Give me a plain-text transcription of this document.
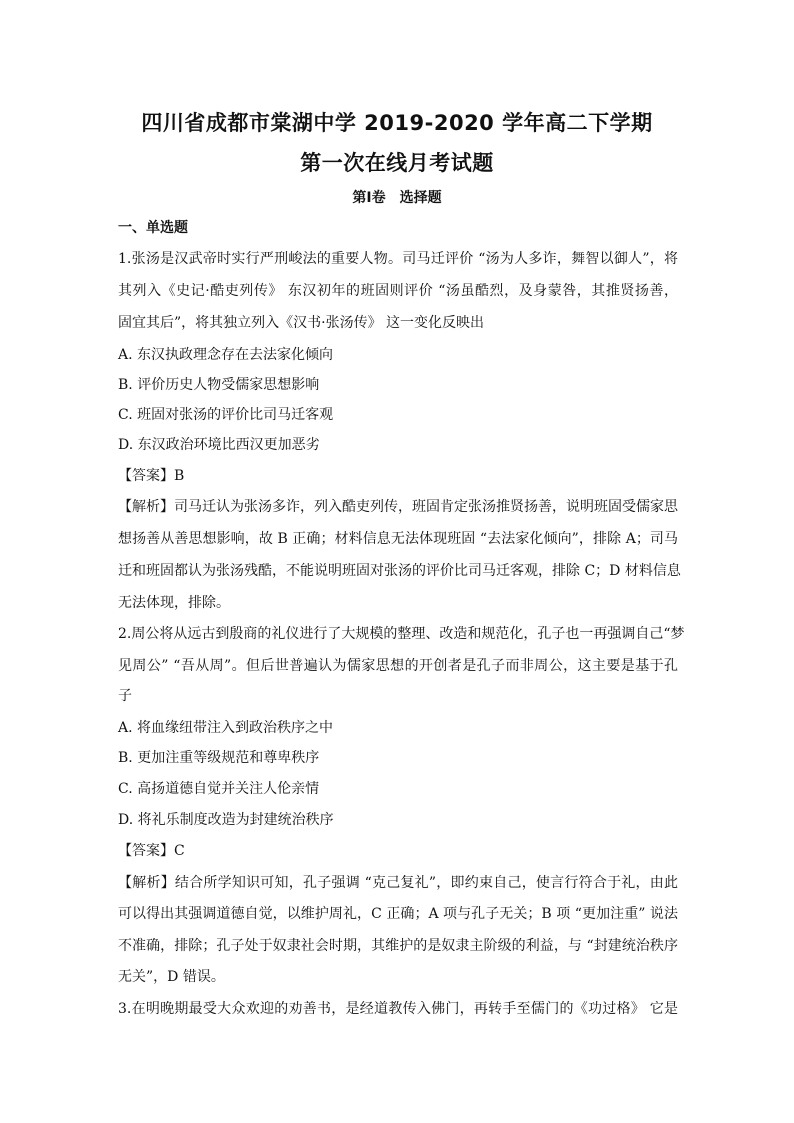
四川省成都市棠湖中学 2019-2020 学年高二下学期
第一次在线月考试题
第Ⅰ卷　选择题
一、单选题
1.张汤是汉武帝时实行严刑峻法的重要人物。司马迁评价 “汤为人多诈，舞智以御人”，将
其列入《史记·酷吏列传》 东汉初年的班固则评价 “汤虽酷烈，及身蒙咎，其推贤扬善，
固宜其后”，将其独立列入《汉书·张汤传》 这一变化反映出
A. 东汉执政理念存在去法家化倾向
B. 评价历史人物受儒家思想影响
C. 班固对张汤的评价比司马迁客观
D. 东汉政治环境比西汉更加恶劣
【答案】B
【解析】司马迁认为张汤多诈，列入酷吏列传，班固肯定张汤推贤扬善，说明班固受儒家思
想扬善从善思想影响，故 B 正确；材料信息无法体现班固 “去法家化倾向”，排除 A；司马
迁和班固都认为张汤残酷，不能说明班固对张汤的评价比司马迁客观，排除 C；D 材料信息
无法体现，排除。
2.周公将从远古到殷商的礼仪进行了大规模的整理、改造和规范化，孔子也一再强调自己“梦
见周公” “吾从周”。但后世普遍认为儒家思想的开创者是孔子而非周公，这主要是基于孔
子
A. 将血缘纽带注入到政治秩序之中
B. 更加注重等级规范和尊卑秩序
C. 高扬道德自觉并关注人伦亲情
D. 将礼乐制度改造为封建统治秩序
【答案】C
【解析】结合所学知识可知，孔子强调 “克己复礼”，即约束自己，使言行符合于礼，由此
可以得出其强调道德自觉，以维护周礼，C 正确；A 项与孔子无关；B 项 “更加注重” 说法
不准确，排除；孔子处于奴隶社会时期，其维护的是奴隶主阶级的利益，与 “封建统治秩序
无关”，D 错误。
3.在明晚期最受大众欢迎的劝善书，是经道教传入佛门，再转手至儒门的《功过格》 它是
